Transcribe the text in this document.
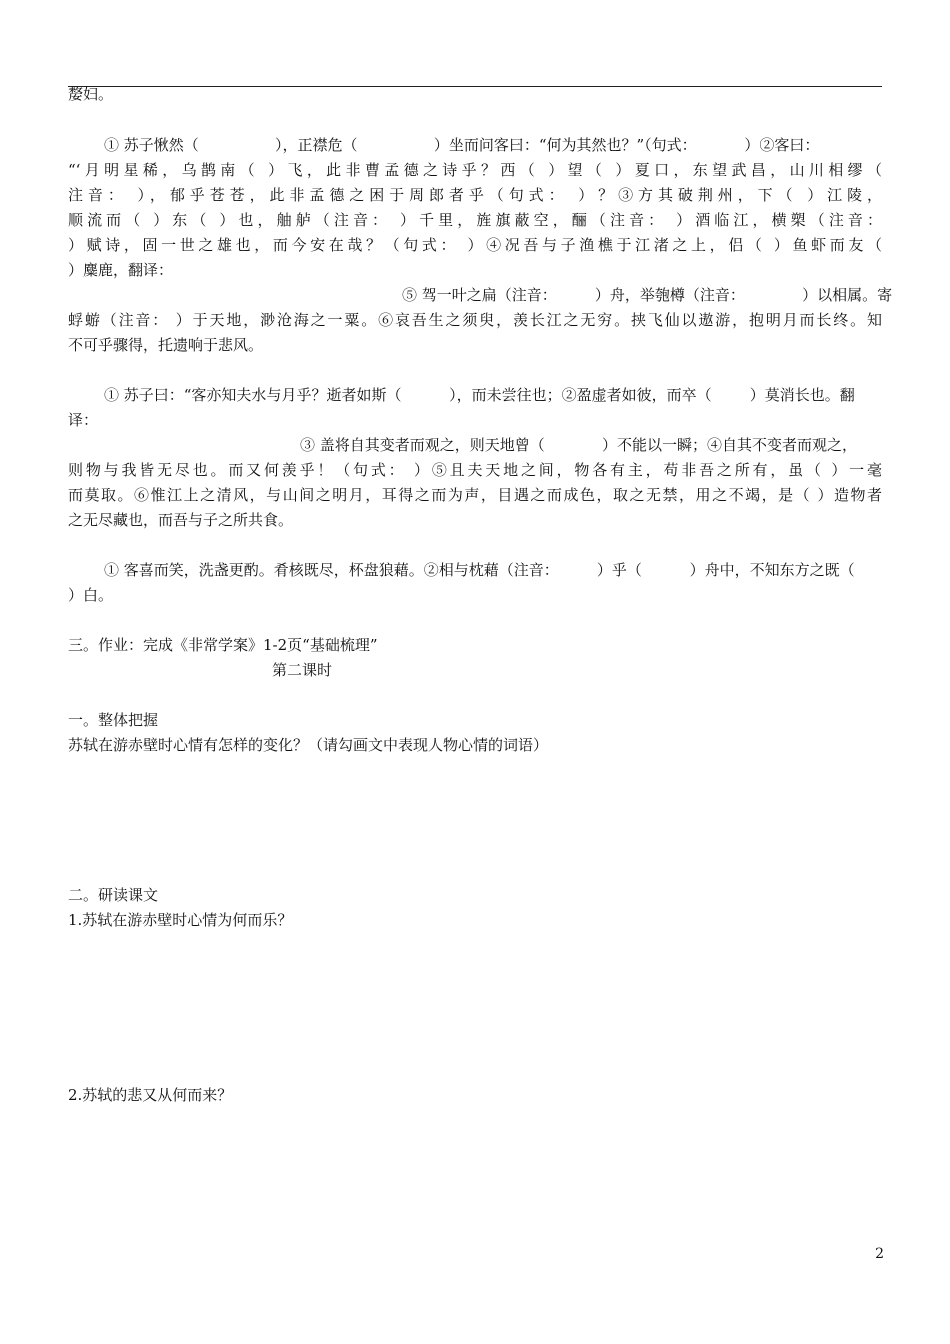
嫠妇。
① 苏子愀然（                ），正襟危（                ）坐而问客曰：“何为其然也？”（句式：          ）②客曰：
“‘月明星稀，乌鹊南（ ）飞，此非曹孟德之诗乎？西（ ）望（ ）夏口，东望武昌，山川相缪（
注音： ），郁乎苍苍，此非孟德之困于周郎者乎（句式： ）？③方其破荆州，下（ ）江陵，
顺流而（ ）东（ ）也，舳舻（注音： ）千里，旌旗蔽空，酾（注音： ）酒临江，横槊（注音：
）赋诗，固一世之雄也，而今安在哉？（句式： ）④况吾与子渔樵于江渚之上，侣（ ）鱼虾而友（
）麋鹿，翻译：
⑤ 驾一叶之扁（注音：        ）舟，举匏樽（注音：            ）以相属。寄
蜉蝣（注音： ）于天地，渺沧海之一粟。⑥哀吾生之须臾，羡长江之无穷。挟飞仙以遨游，抱明月而长终。知
不可乎骤得，托遗响于悲风。
① 苏子曰：“客亦知夫水与月乎？逝者如斯（          ），而未尝往也；②盈虚者如彼，而卒（        ）莫消长也。翻
译：
③ 盖将自其变者而观之，则天地曾（            ）不能以一瞬；④自其不变者而观之，
则物与我皆无尽也。而又何羡乎！（句式： ）⑤且夫天地之间，物各有主，苟非吾之所有，虽（ ）一毫
而莫取。⑥惟江上之清风，与山间之明月，耳得之而为声，目遇之而成色，取之无禁，用之不竭，是（ ）造物者
之无尽藏也，而吾与子之所共食。
① 客喜而笑，洗盏更酌。肴核既尽，杯盘狼藉。②相与枕藉（注音：        ）乎（          ）舟中，不知东方之既（
）白。
三。作业：完成《非常学案》1-2页“基础梳理”
第二课时
一。整体把握
苏轼在游赤壁时心情有怎样的变化？（请勾画文中表现人物心情的词语）
二。研读课文
1.苏轼在游赤壁时心情为何而乐？
2.苏轼的悲又从何而来？
2
